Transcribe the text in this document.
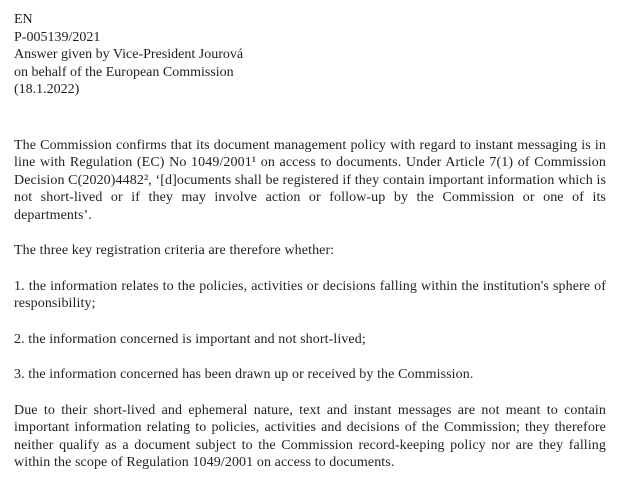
EN
P-005139/2021
Answer given by Vice-President Jourová
on behalf of the European Commission
(18.1.2022)

The Commission confirms that its document management policy with regard to instant messaging is in line with Regulation (EC) No 1049/2001¹ on access to documents. Under Article 7(1) of Commission Decision C(2020)4482², ‘[d]ocuments shall be registered if they contain important information which is not short-lived or if they may involve action or follow-up by the Commission or one of its departments’.

The three key registration criteria are therefore whether:

1. the information relates to the policies, activities or decisions falling within the institution's sphere of responsibility;

2. the information concerned is important and not short-lived;

3. the information concerned has been drawn up or received by the Commission.

Due to their short-lived and ephemeral nature, text and instant messages are not meant to contain important information relating to policies, activities and decisions of the Commission; they therefore neither qualify as a document subject to the Commission record-keeping policy nor are they falling within the scope of Regulation 1049/2001 on access to documents.
